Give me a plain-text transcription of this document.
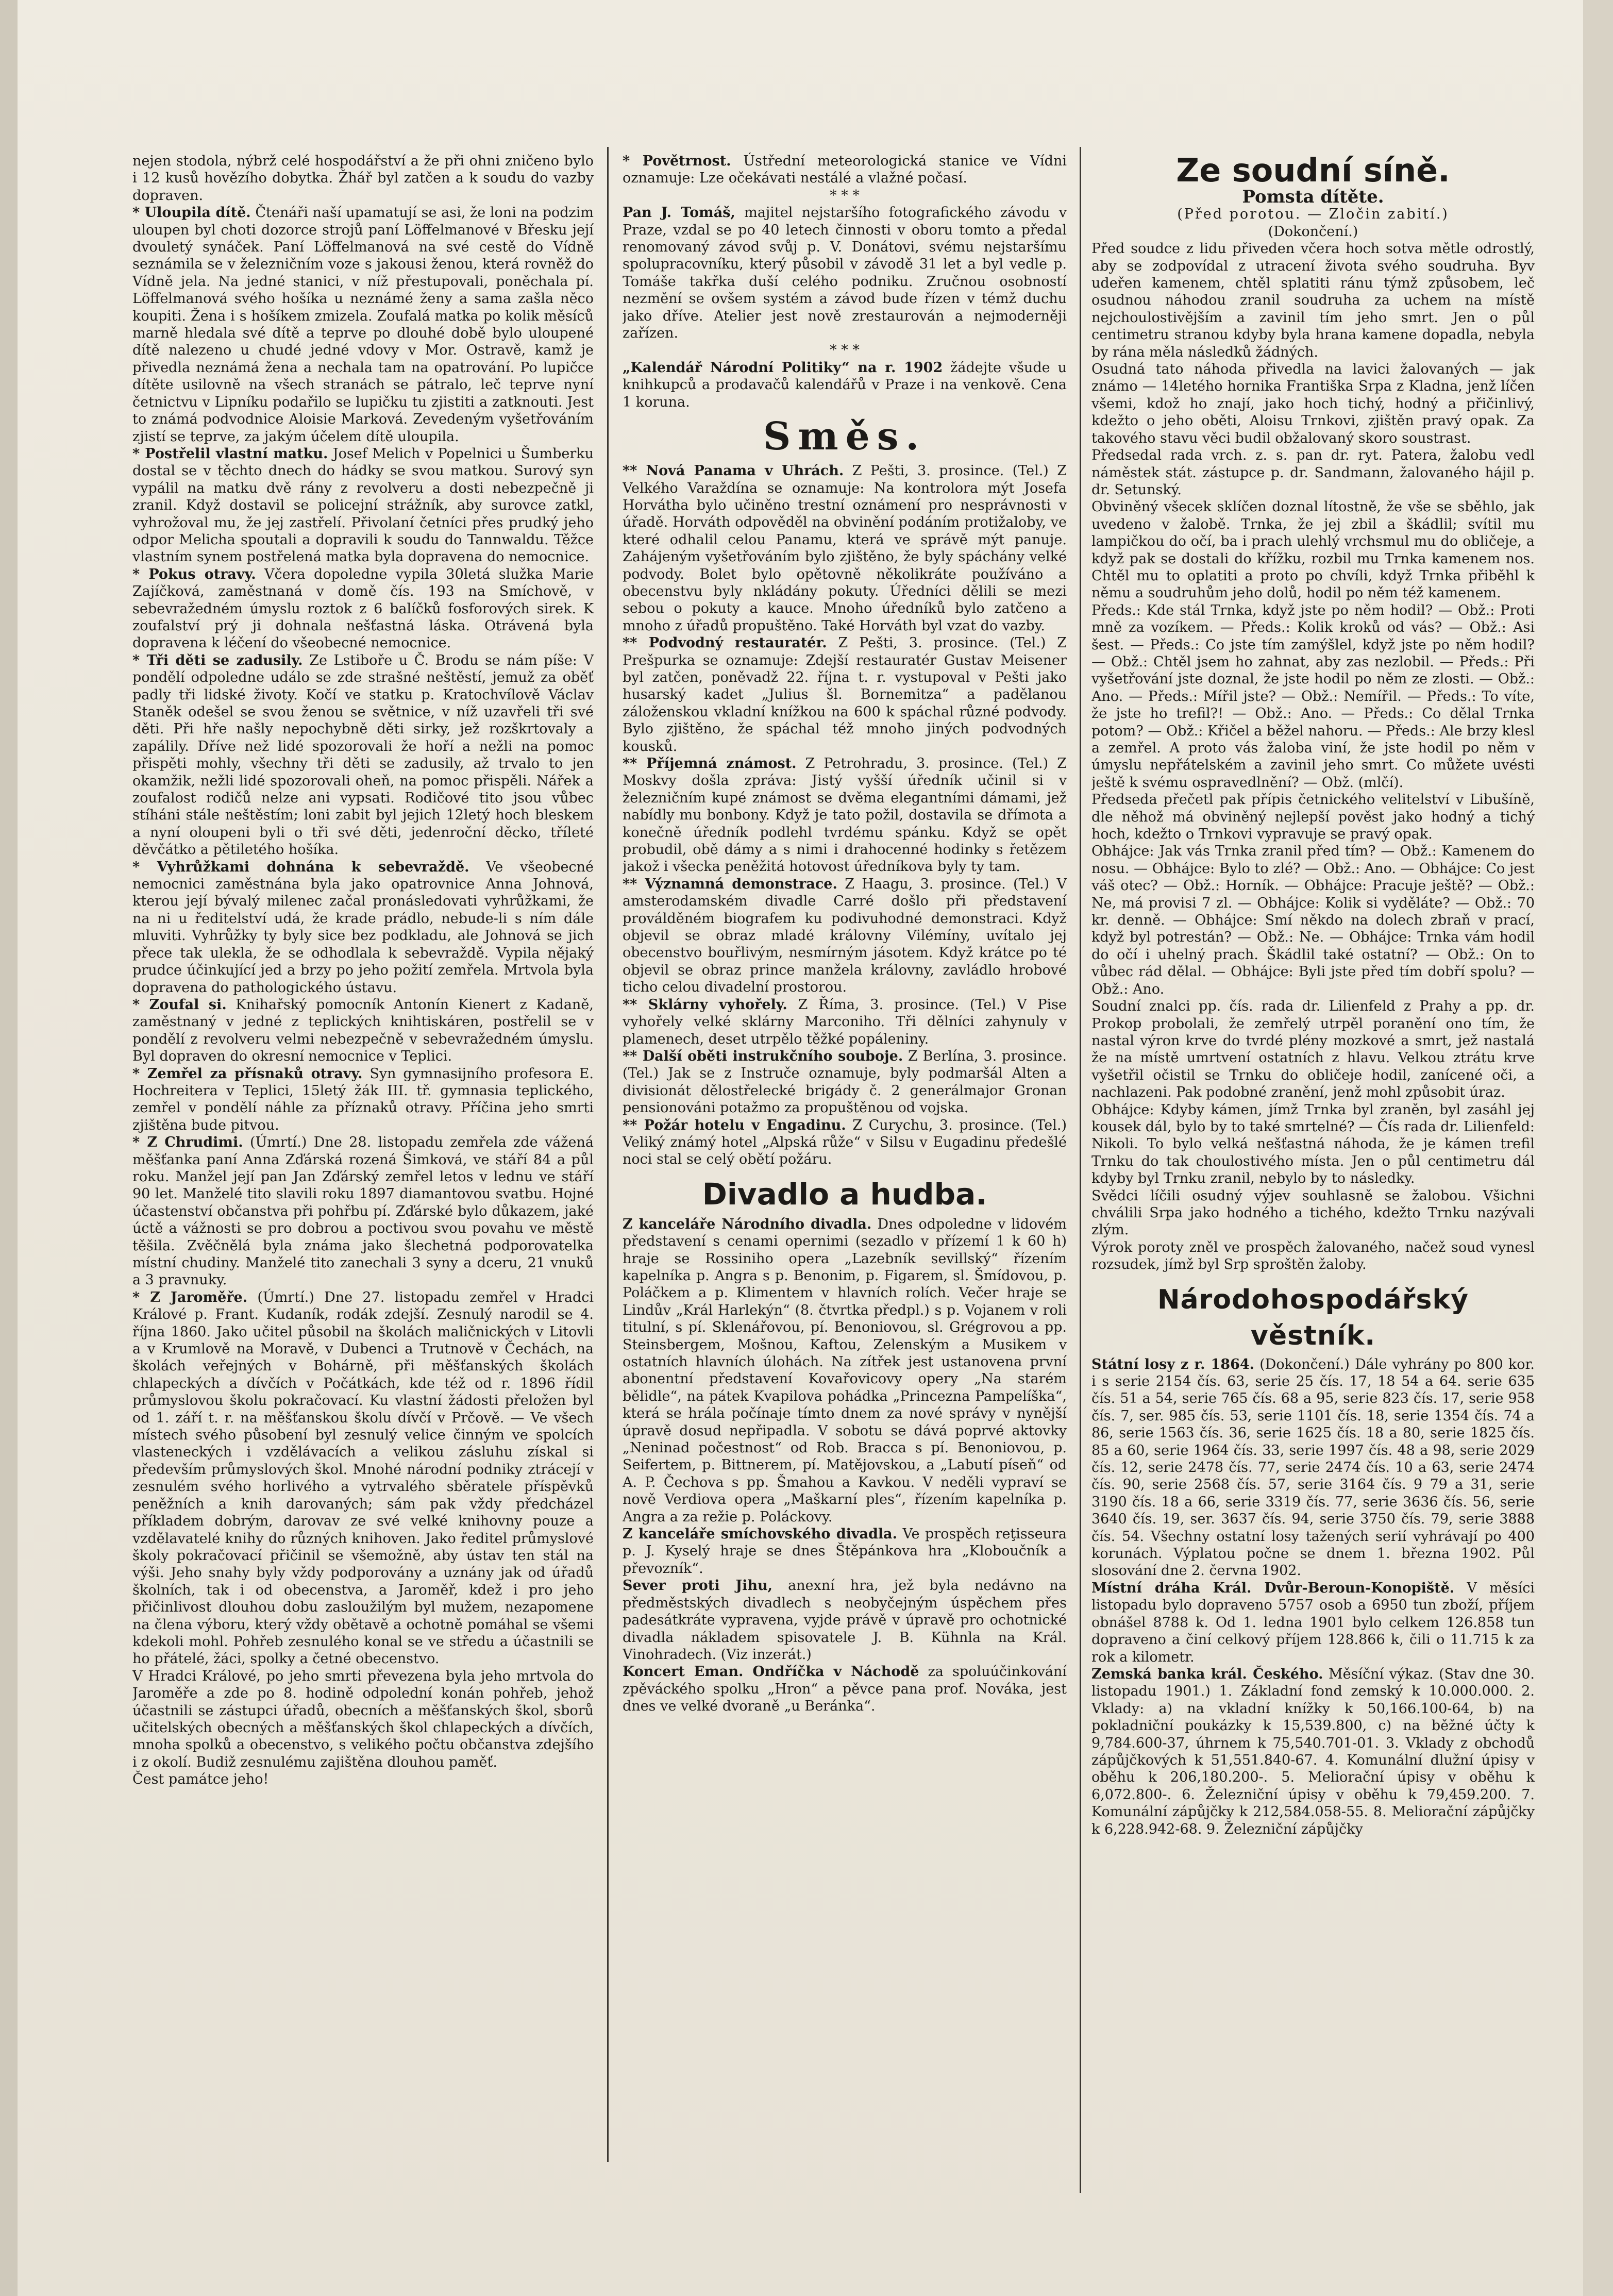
nejen stodola, nýbrž celé hospodářství a že při ohni zničeno bylo i 12 kusů hovězího dobytka. Žhář byl zatčen a k soudu do vazby dopraven.

* Uloupila dítě. Čtenáři naší upamatují se asi, že loni na podzim uloupen byl choti dozorce strojů paní Löffelmanové v Břesku její dvouletý synáček. Paní Löffelmanová na své cestě do Vídně seznámila se v železničním voze s jakousi ženou, která rovněž do Vídně jela. Na jedné stanici, v níž přestupovali, poněchala pí. Löffelmanová svého hošíka u neznámé ženy a sama zašla něco koupiti. Žena i s hošíkem zmizela. Zoufalá matka po kolik měsíců marně hledala své dítě a teprve po dlouhé době bylo uloupené dítě nalezeno u chudé jedné vdovy v Mor. Ostravě, kamž je přivedla neznámá žena a nechala tam na opatrování. Po lupičce dítěte usilovně na všech stranách se pátralo, leč teprve nyní četnictvu v Lipníku podařilo se lupičku tu zjistiti a zatknouti. Jest to známá podvodnice Aloisie Marková. Zevedeným vyšetřováním zjistí se teprve, za jakým účelem dítě uloupila.

* Postřelil vlastní matku. Josef Melich v Popelnici u Šumberku dostal se v těchto dnech do hádky se svou matkou. Surový syn vypálil na matku dvě rány z revolveru a dosti nebezpečně ji zranil. Když dostavil se policejní strážník, aby surovce zatkl, vyhrožoval mu, že jej zastřelí. Přivolaní četníci přes prudký jeho odpor Melicha spoutali a dopravili k soudu do Tannwaldu. Těžce vlastním synem postřelená matka byla dopravena do nemocnice.

* Pokus otravy. Včera dopoledne vypila 30letá služka Marie Zajíčková, zaměstnaná v domě čís. 193 na Smíchově, v sebevražedném úmyslu roztok z 6 balíčků fosforových sirek. K zoufalství prý ji dohnala nešťastná láska. Otrávená byla dopravena k léčení do všeobecné nemocnice.

* Tři děti se zadusily. Ze Lstiboře u Č. Brodu se nám píše: V pondělí odpoledne událo se zde strašné neštěstí, jemuž za oběť padly tři lidské životy. Kočí ve statku p. Kratochvílově Václav Staněk odešel se svou ženou se světnice, v níž uzavřeli tři své děti. Při hře našly nepochybně děti sirky, jež rozškrtovaly a zapálily. Dříve než lidé spozorovali že hoří a nežli na pomoc přispěti mohly, všechny tři děti se zadusily, až trvalo to jen okamžik, nežli lidé spozorovali oheň, na pomoc přispěli. Nářek a zoufalost rodičů nelze ani vypsati. Rodičové tito jsou vůbec stíháni stále neštěstím; loni zabit byl jejich 12letý hoch bleskem a nyní oloupeni byli o tři své děti, jedenroční děcko, tříleté děvčátko a pětiletého hošíka.

* Vyhrůžkami dohnána k sebevraždě. Ve všeobecné nemocnici zaměstnána byla jako opatrovnice Anna Johnová, kterou její bývalý milenec začal pronásledovati vyhrůžkami, že na ni u ředitelství udá, že krade prádlo, nebude-li s ním dále mluviti. Vyhrůžky ty byly sice bez podkladu, ale Johnová se jich přece tak ulekla, že se odhodlala k sebevraždě. Vypila nějaký prudce účinkující jed a brzy po jeho požití zemřela. Mrtvola byla dopravena do pathologického ústavu.

* Zoufal si. Knihařský pomocník Antonín Kienert z Kadaně, zaměstnaný v jedné z teplických knihtiskáren, postřelil se v pondělí z revolveru velmi nebezpečně v sebevražedném úmyslu. Byl dopraven do okresní nemocnice v Teplici.

* Zemřel za přísnaků otravy. Syn gymnasijního profesora E. Hochreitera v Teplici, 15letý žák III. tř. gymnasia teplického, zemřel v pondělí náhle za příznaků otravy. Příčina jeho smrti zjištěna bude pitvou.

* Z Chrudimi. (Úmrtí.) Dne 28. listopadu zemřela zde vážená měšťanka paní Anna Zďárská rozená Šimková, ve stáří 84 a půl roku. Manžel její pan Jan Zďárský zemřel letos v lednu ve stáří 90 let. Manželé tito slavili roku 1897 diamantovou svatbu. Hojné účastenství občanstva při pohřbu pí. Zďárské bylo důkazem, jaké úctě a vážnosti se pro dobrou a poctivou svou povahu ve městě těšila. Zvěčnělá byla známa jako šlechetná podporovatelka místní chudiny. Manželé tito zanechali 3 syny a dceru, 21 vnuků a 3 pravnuky.

* Z Jaroměře. (Úmrtí.) Dne 27. listopadu zemřel v Hradci Králové p. Frant. Kudaník, rodák zdejší. Zesnulý narodil se 4. října 1860. Jako učitel působil na školách maličnických v Litovli a v Krumlově na Moravě, v Dubenci a Trutnově v Čechách, na školách veřejných v Bohárně, při měšťanských školách chlapeckých a dívčích v Počátkách, kde též od r. 1896 řídil průmyslovou školu pokračovací. Ku vlastní žádosti přeložen byl od 1. září t. r. na měšťanskou školu dívčí v Prčově. — Ve všech místech svého působení byl zesnulý velice činným ve spolcích vlasteneckých i vzdělávacích a velikou zásluhu získal si především průmyslových škol. Mnohé národní podniky ztrácejí v zesnulém svého horlivého a vytrvalého sběratele příspěvků peněžních a knih darovaných; sám pak vždy předcházel příkladem dobrým, darovav ze své velké knihovny pouze a vzdělavatelé knihy do různých knihoven. Jako ředitel průmyslové školy pokračovací přičinil se všemožně, aby ústav ten stál na výši. Jeho snahy byly vždy podporovány a uznány jak od úřadů školních, tak i od obecenstva, a Jaroměř, kdež i pro jeho přičinlivost dlouhou dobu zasloužilým byl mužem, nezapomene na člena výboru, který vždy obětavě a ochotně pomáhal se všemi kdekoli mohl. Pohřeb zesnulého konal se ve středu a účastnili se ho přátelé, žáci, spolky a četné obecenstvo.

V Hradci Králové, po jeho smrti převezena byla jeho mrtvola do Jaroměře a zde po 8. hodině odpolední konán pohřeb, jehož účastnili se zástupci úřadů, obecních a měšťanských škol, sborů učitelských obecných a měšťanských škol chlapeckých a dívčích, mnoha spolků a obecenstvo, s velikého počtu občanstva zdejšího i z okolí. Budiž zesnulému zajištěna dlouhou paměť.

Čest památce jeho!

* Povětrnost. Ústřední meteorologická stanice ve Vídni oznamuje: Lze očekávati nestálé a vlažné počasí.

* * *

Pan J. Tomáš, majitel nejstaršího fotografického závodu v Praze, vzdal se po 40 letech činnosti v oboru tomto a předal renomovaný závod svůj p. V. Donátovi, svému nejstaršímu spolupracovníku, který působil v závodě 31 let a byl vedle p. Tomáše takřka duší celého podniku. Zručnou osobností nezmění se ovšem systém a závod bude řízen v témž duchu jako dříve. Atelier jest nově zrestaurován a nejmoderněji zařízen.

* * *

„Kalendář Národní Politiky“ na r. 1902 žádejte všude u knihkupců a prodavačů kalendářů v Praze i na venkově. Cena 1 koruna.

Směs.

** Nová Panama v Uhrách. Z Pešti, 3. prosince. (Tel.) Z Velkého Varaždína se oznamuje: Na kontrolora mýt Josefa Horvátha bylo učiněno trestní oznámení pro nesprávnosti v úřadě. Horváth odpověděl na obvinění podáním protižaloby, ve které odhalil celou Panamu, která ve správě mýt panuje. Zahájeným vyšetřováním bylo zjištěno, že byly spáchány velké podvody. Bolet bylo opětovně několikráte používáno a obecenstvu byly nkládány pokuty. Úředníci dělili se mezi sebou o pokuty a kauce. Mnoho úředníků bylo zatčeno a mnoho z úřadů propuštěno. Také Horváth byl vzat do vazby.

** Podvodný restauratér. Z Pešti, 3. prosince. (Tel.) Z Prešpurka se oznamuje: Zdejší restauratér Gustav Meisener byl zatčen, poněvadž 22. října t. r. vystupoval v Pešti jako husarský kadet „Julius šl. Bornemitza“ a padělanou záloženskou vkladní knížkou na 600 k spáchal různé podvody. Bylo zjištěno, že spáchal též mnoho jiných podvodných kousků.

** Příjemná známost. Z Petrohradu, 3. prosince. (Tel.) Z Moskvy došla zpráva: Jistý vyšší úředník učinil si v železničním kupé známost se dvěma elegantními dámami, jež nabídly mu bonbony. Když je tato požil, dostavila se dřímota a konečně úředník podlehl tvrdému spánku. Když se opět probudil, obě dámy a s nimi i drahocenné hodinky s řetězem jakož i všecka peněžitá hotovost úředníkova byly ty tam.

** Významná demonstrace. Z Haagu, 3. prosince. (Tel.) V amsterodamském divadle Carré došlo při představení proválděném biografem ku podivuhodné demonstraci. Když objevil se obraz mladé královny Vilémíny, uvítalo jej obecenstvo bouřlivým, nesmírným jásotem. Když krátce po té objevil se obraz prince manžela královny, zavládlo hrobové ticho celou divadelní prostorou.

** Sklárny vyhořely. Z Říma, 3. prosince. (Tel.) V Pise vyhořely velké sklárny Marconiho. Tři dělníci zahynuly v plamenech, deset utrpělo těžké popáleniny.

** Další oběti instrukčního souboje. Z Berlína, 3. prosince. (Tel.) Jak se z Instruče oznamuje, byly podmaršál Alten a divisionát dělostřelecké brigády č. 2 generálmajor Gronan pensionováni potažmo za propuštěnou od vojska.

** Požár hotelu v Engadinu. Z Curychu, 3. prosince. (Tel.) Veliký známý hotel „Alpská růže“ v Silsu v Eugadinu předešlé noci stal se celý obětí požáru.

Divadlo a hudba.

Z kanceláře Národního divadla. Dnes odpoledne v lidovém představení s cenami opernimi (sezadlo v přízemí 1 k 60 h) hraje se Rossiniho opera „Lazebník sevillský“ řízením kapelníka p. Angra s p. Benonim, p. Figarem, sl. Šmídovou, p. Poláčkem a p. Klimentem v hlavních rolích. Večer hraje se Lindův „Král Harlekýn“ (8. čtvrtka předpl.) s p. Vojanem v roli titulní, s pí. Sklenářovou, pí. Benoniovou, sl. Grégrovou a pp. Steinsbergem, Mošnou, Kaftou, Zelenským a Musikem v ostatních hlavních úlohách. Na zítřek jest ustanovena první abonentní představení Kovařovicovy opery „Na starém bělidle“, na pátek Kvapilova pohádka „Princezna Pampelíška“, která se hrála počínaje tímto dnem za nové správy v nynější úpravě dosud nepřipadla. V sobotu se dává poprvé aktovky „Neninad počestnost“ od Rob. Bracca s pí. Benoniovou, p. Seifertem, p. Bittnerem, pí. Matějovskou, a „Labutí píseň“ od A. P. Čechova s pp. Šmahou a Kavkou. V neděli vypraví se nově Verdiova opera „Maškarní ples“, řízením kapelníka p. Angra a za režie p. Poláckovy.

Z kanceláře smíchovského divadla. Ve prospěch reţisseura p. J. Kyselý hraje se dnes Štěpánkova hra „Kloboučník a převozník“.

Sever proti Jihu, anexní hra, jež byla nedávno na předměstských divadlech s neobyčejným úspěchem přes padesátkráte vypravena, vyjde právě v úpravě pro ochotnické divadla nákladem spisovatele J. B. Kühnla na Král. Vinohradech. (Viz inzerát.)

Koncert Eman. Ondříčka v Náchodě za spoluúčinkování zpěváckého spolku „Hron“ a pěvce pana prof. Nováka, jest dnes ve velké dvoraně „u Beránka“.

Ze soudní síně.

Pomsta dítěte.

(Před porotou. — Zločin zabití.)

(Dokončení.)

Před soudce z lidu přiveden včera hoch sotva mětle odrostlý, aby se zodpovídal z utracení života svého soudruha. Byv udeřen kamenem, chtěl splatiti ránu týmž způsobem, leč osudnou náhodou zranil soudruha za uchem na místě nejchoulostivějším a zavinil tím jeho smrt. Jen o půl centimetru stranou kdyby byla hrana kamene dopadla, nebyla by rána měla následků žádných.

Osudná tato náhoda přivedla na lavici žalovaných — jak známo — 14letého hornika Františka Srpa z Kladna, jenž líčen všemi, kdož ho znají, jako hoch tichý, hodný a přičinlivý, kdežto o jeho oběti, Aloisu Trnkovi, zjištěn pravý opak. Za takového stavu věci budil obžalovaný skoro soustrast.

Předsedal rada vrch. z. s. pan dr. ryt. Patera, žalobu vedl náměstek stát. zástupce p. dr. Sandmann, žalovaného hájil p. dr. Setunský.

Obviněný všecek sklíčen doznal lítostně, že vše se sběhlo, jak uvedeno v žalobě. Trnka, že jej zbil a škádlil; svítil mu lampičkou do očí, ba i prach ulehlý vrchsmul mu do obličeje, a když pak se dostali do křížku, rozbil mu Trnka kamenem nos. Chtěl mu to oplatiti a proto po chvíli, když Trnka přiběhl k němu a soudruhům jeho dolů, hodil po něm též kamenem.

Předs.: Kde stál Trnka, když jste po něm hodil? — Obž.: Proti mně za vozíkem. — Předs.: Kolik kroků od vás? — Obž.: Asi šest. — Předs.: Co jste tím zamýšlel, když jste po něm hodil? — Obž.: Chtěl jsem ho zahnat, aby zas nezlobil. — Předs.: Při vyšetřování jste doznal, že jste hodil po něm ze zlosti. — Obž.: Ano. — Předs.: Mířil jste? — Obž.: Nemířil. — Předs.: To víte, že jste ho trefil?! — Obž.: Ano. — Předs.: Co dělal Trnka potom? — Obž.: Křičel a běžel nahoru. — Předs.: Ale brzy klesl a zemřel. A proto vás žaloba viní, že jste hodil po něm v úmyslu nepřátelském a zavinil jeho smrt. Co můžete uvésti ještě k svému ospravedlnění? — Obž. (mlčí).

Předseda přečetl pak přípis četnického velitelství v Libušíně, dle něhož má obviněný nejlepší pověst jako hodný a tichý hoch, kdežto o Trnkovi vypravuje se pravý opak.

Obhájce: Jak vás Trnka zranil před tím? — Obž.: Kamenem do nosu. — Obhájce: Bylo to zlé? — Obž.: Ano. — Obhájce: Co jest váš otec? — Obž.: Horník. — Obhájce: Pracuje ještě? — Obž.: Ne, má provisi 7 zl. — Obhájce: Kolik si vyděláte? — Obž.: 70 kr. denně. — Obhájce: Smí někdo na dolech zbraň v prací, když byl potrestán? — Obž.: Ne. — Obhájce: Trnka vám hodil do očí i uhelný prach. Škádlil také ostatní? — Obž.: On to vůbec rád dělal. — Obhájce: Byli jste před tím dobří spolu? — Obž.: Ano.

Soudní znalci pp. čís. rada dr. Lilienfeld z Prahy a pp. dr. Prokop probolali, že zemřelý utrpěl poranění ono tím, že nastal výron krve do tvrdé plény mozkové a smrt, jež nastalá že na místě umrtvení ostatních z hlavu. Velkou ztrátu krve vyšetřil očistil se Trnku do obličeje hodil, zanícené oči, a nachlazeni. Pak podobné zranění, jenž mohl způsobit úraz.

Obhájce: Kdyby kámen, jímž Trnka byl zraněn, byl zasáhl jej kousek dál, bylo by to také smrtelné? — Čís rada dr. Lilienfeld: Nikoli. To bylo velká nešťastná náhoda, že je kámen trefil Trnku do tak choulostivého místa. Jen o půl centimetru dál kdyby byl Trnku zranil, nebylo by to následky.

Svědci líčili osudný výjev souhlasně se žalobou. Všichni chválili Srpa jako hodného a tichého, kdežto Trnku nazývali zlým.

Výrok poroty zněl ve prospěch žalovaného, načež soud vynesl rozsudek, jímž byl Srp sproštěn žaloby.

Národohospodářský věstník.

Státní losy z r. 1864. (Dokončení.) Dále vyhrány po 800 kor. i s serie 2154 čís. 63, serie 25 čís. 17, 18 54 a 64. serie 635 čís. 51 a 54, serie 765 čís. 68 a 95, serie 823 čís. 17, serie 958 čís. 7, ser. 985 čís. 53, serie 1101 čís. 18, serie 1354 čís. 74 a 86, serie 1563 čís. 36, serie 1625 čís. 18 a 80, serie 1825 čís. 85 a 60, serie 1964 čís. 33, serie 1997 čís. 48 a 98, serie 2029 čís. 12, serie 2478 čís. 77, serie 2474 čís. 10 a 63, serie 2474 čís. 90, serie 2568 čís. 57, serie 3164 čís. 9 79 a 31, serie 3190 čís. 18 a 66, serie 3319 čís. 77, serie 3636 čís. 56, serie 3640 čís. 19, ser. 3637 čís. 94, serie 3750 čís. 79, serie 3888 čís. 54. Všechny ostatní losy tažených serií vyhrávají po 400 korunách. Výplatou počne se dnem 1. března 1902. Půl slosování dne 2. června 1902.

Místní dráha Král. Dvůr-Beroun-Konopiště. V měsíci listopadu bylo dopraveno 5757 osob a 6950 tun zboží, příjem obnášel 8788 k. Od 1. ledna 1901 bylo celkem 126.858 tun dopraveno a činí celkový příjem 128.866 k, čili o 11.715 k za rok a kilometr.

Zemská banka král. Českého. Měsíční výkaz. (Stav dne 30. listopadu 1901.) 1. Základní fond zemský k 10.000.000. 2. Vklady: a) na vkladní knížky k 50,166.100-64, b) na pokladniční poukázky k 15,539.800, c) na běžné účty k 9,784.600-37, úhrnem k 75,540.701-01. 3. Vklady z obchodů zápůjčkových k 51,551.840-67. 4. Komunální dlužní úpisy v oběhu k 206,180.200-. 5. Meliorační úpisy v oběhu k 6,072.800-. 6. Železniční úpisy v oběhu k 79,459.200. 7. Komunální zápůjčky k 212,584.058-55. 8. Meliorační zápůjčky k 6,228.942-68. 9. Železniční zápůjčky
